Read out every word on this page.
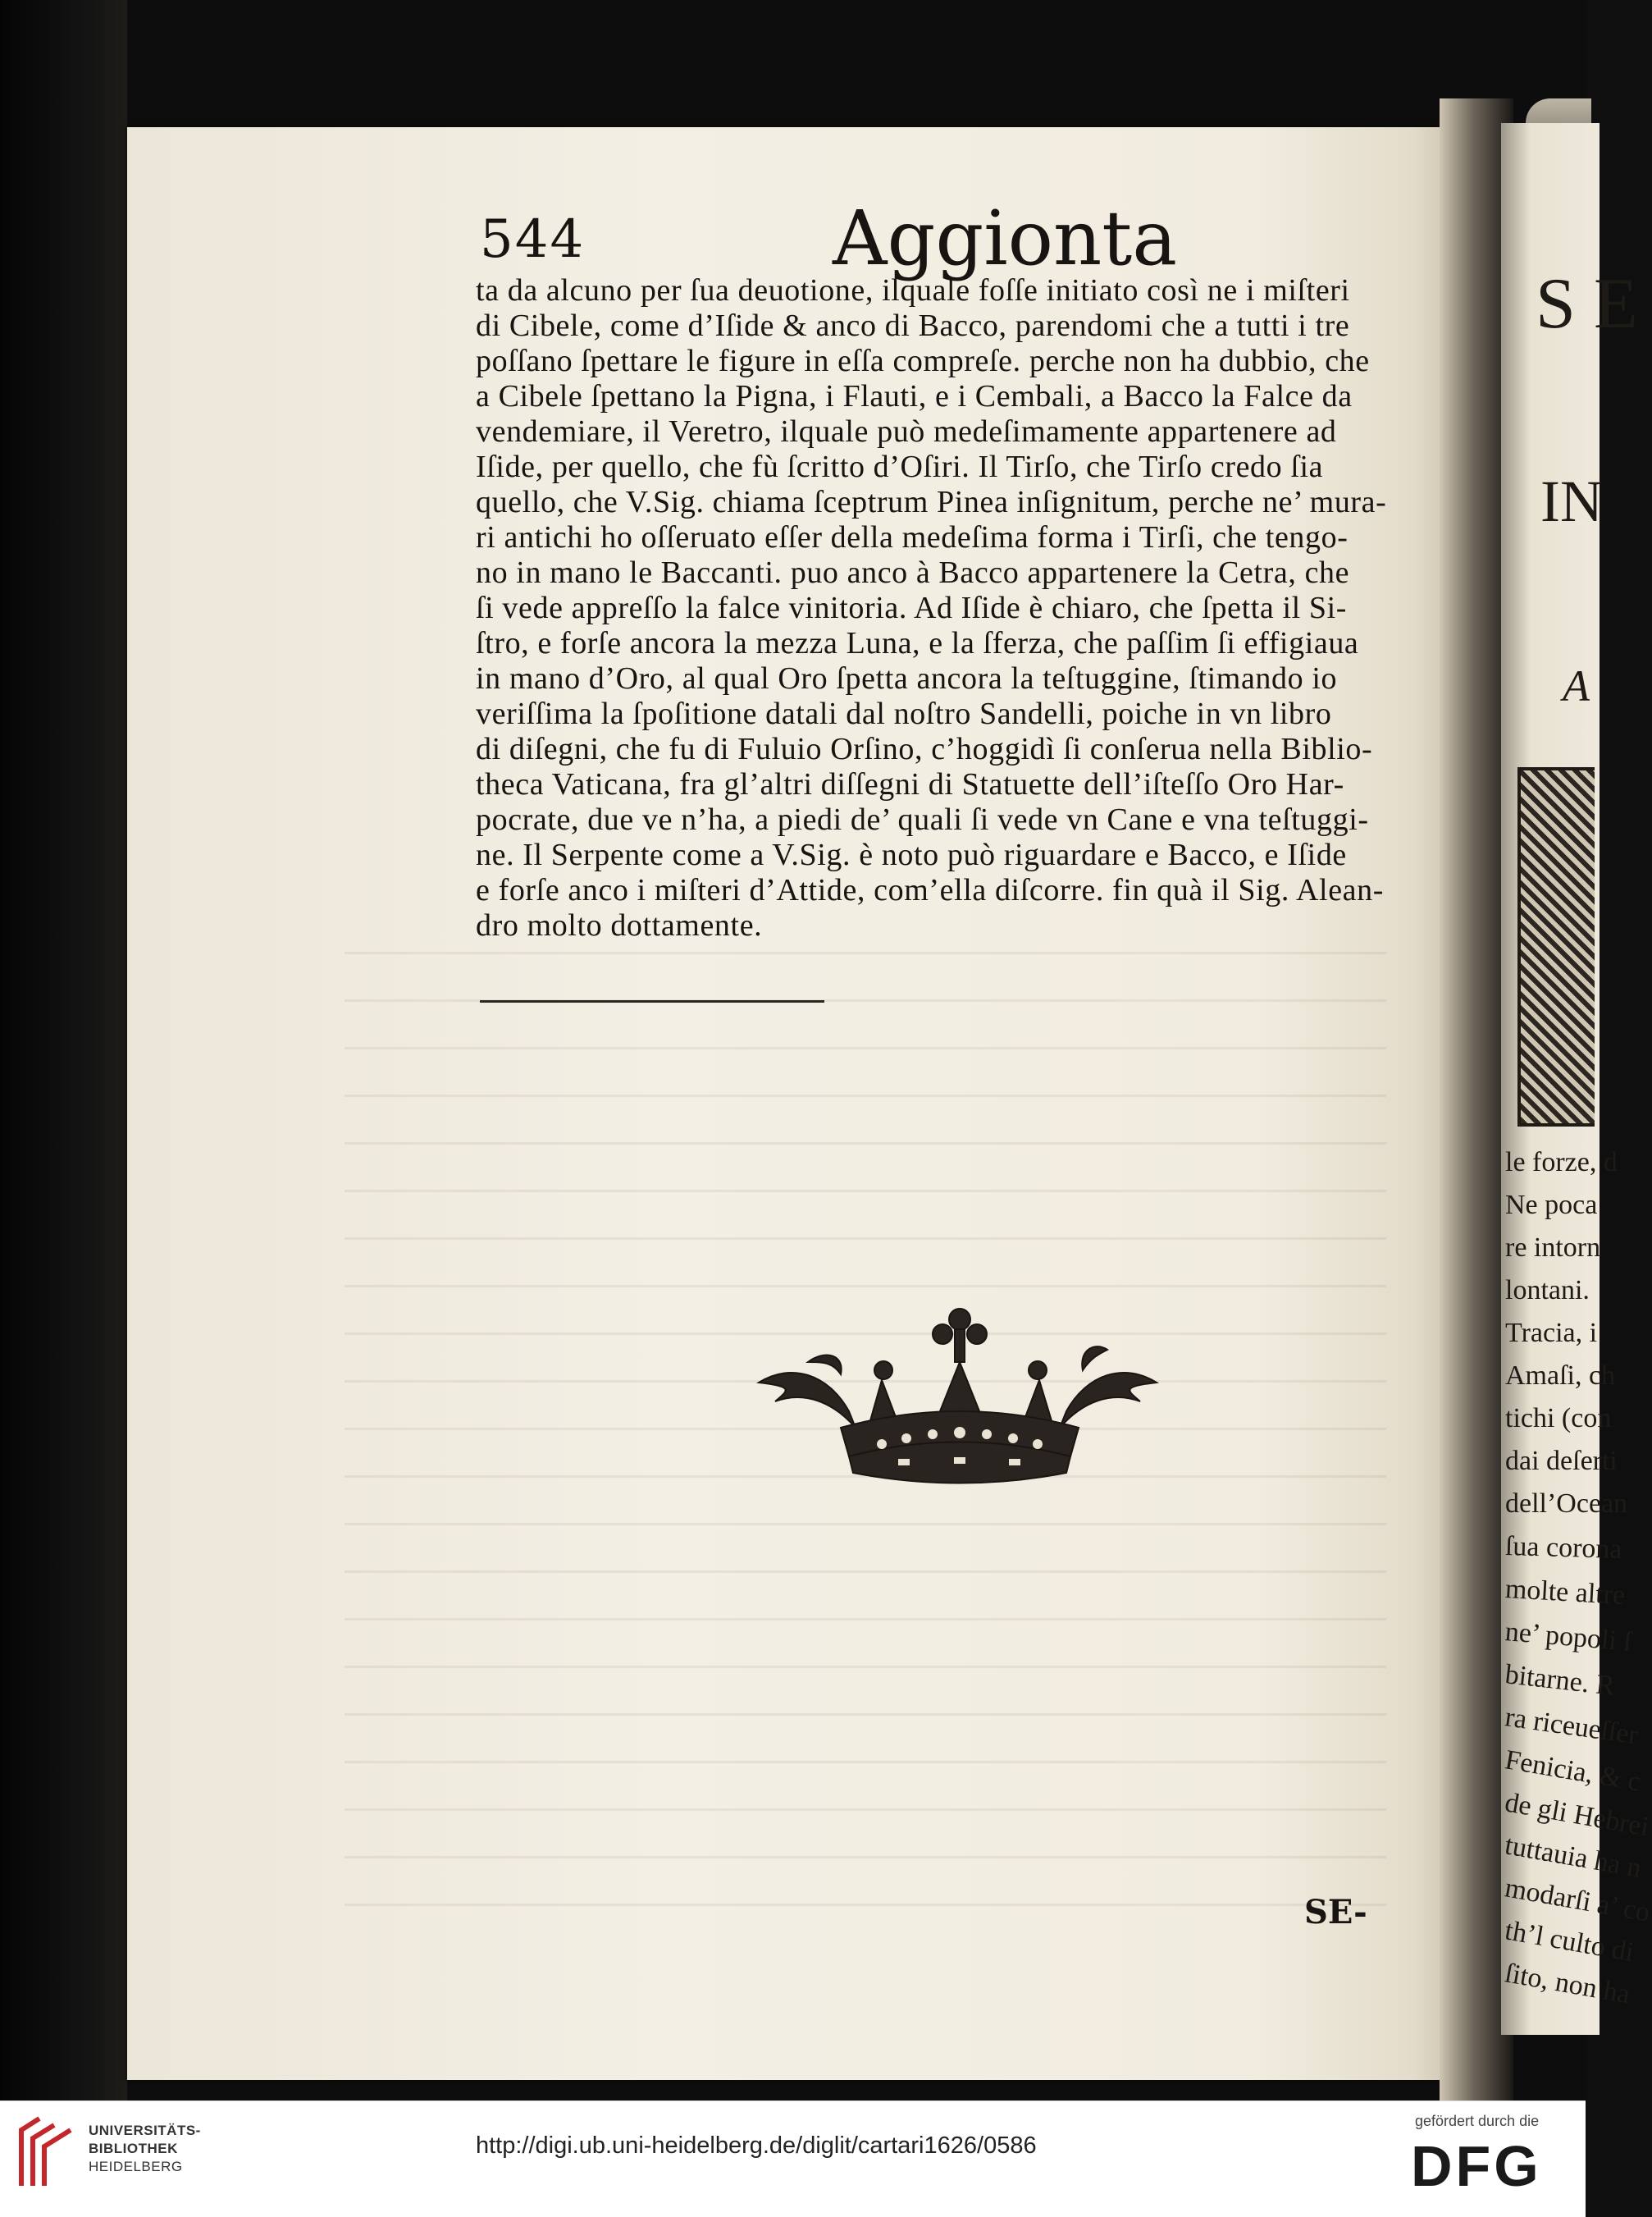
S E
IN
A
le forze, d
Ne poca
re intorn
lontani.
Tracia, i
Amaſi, ch
tichi (con
dai deſerti
dell’Ocean
ſua corona
molte altre
ne’ popoli ſ
bitarne. R
ra riceueſſer
Fenicia, & c
de gli Hebrei
tuttauia ha n
modarſi a’ co
th’l culto di
ſito, non ha
544	Aggionta
ta da alcuno per ſua deuotione, ilquale foſſe initiato così ne i miſteri
di Cibele, come d’Iſide & anco di Bacco, parendomi che a tutti i tre
poſſano ſpettare le figure in eſſa compreſe. perche non ha dubbio, che
a Cibele ſpettano la Pigna, i Flauti, e i Cembali, a Bacco la Falce da
vendemiare, il Veretro, ilquale può medeſimamente appartenere ad
Iſide, per quello, che fù ſcritto d’Oſiri. Il Tirſo, che Tirſo credo ſia
quello, che V.Sig. chiama ſceptrum Pinea inſignitum, perche ne’ mura-
ri antichi ho oſſeruato eſſer della medeſima forma i Tirſi, che tengo-
no in mano le Baccanti. puo anco à Bacco appartenere la Cetra, che
ſi vede appreſſo la falce vinitoria. Ad Iſide è chiaro, che ſpetta il Si-
ſtro, e forſe ancora la mezza Luna, e la ſferza, che paſſim ſi effigiaua
in mano d’Oro, al qual Oro ſpetta ancora la teſtuggine, ſtimando io
veriſſima la ſpoſitione datali dal noſtro Sandelli, poiche in vn libro
di diſegni, che fu di Fuluio Orſino, c’hoggidì ſi conſerua nella Biblio-
theca Vaticana, fra gl’altri diſſegni di Statuette dell’iſteſſo Oro Har-
pocrate, due ve n’ha, a piedi de’ quali ſi vede vn Cane e vna teſtuggi-
ne. Il Serpente come a V.Sig. è noto può riguardare e Bacco, e Iſide
e forſe anco i miſteri d’Attide, com’ella diſcorre. fin quà il Sig. Alean-
dro molto dottamente.
SE-
UNIVERSITÄTS-
BIBLIOTHEK
HEIDELBERG
http://digi.ub.uni-heidelberg.de/diglit/cartari1626/0586
gefördert durch die
DFG
